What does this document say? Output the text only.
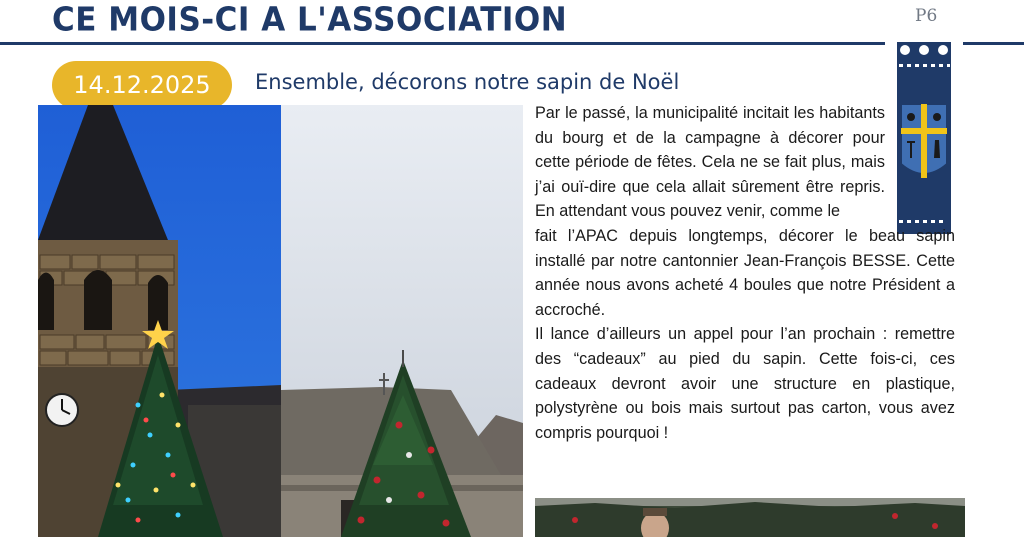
CE MOIS-CI A L'ASSOCIATION	P6
14.12.2025	Ensemble, décorons notre sapin de Noël

Par le passé, la municipalité incitait les habitants du bourg et de la campagne à décorer pour cette période de fêtes. Cela ne se fait plus, mais j’ai ouï-dire que cela allait sûrement être repris. En attendant vous pouvez venir, comme le

fait l’APAC depuis longtemps, décorer le beau sapin installé par notre cantonnier Jean-François BESSE. Cette année nous avons acheté 4 boules que notre Président a accroché.

Il lance d’ailleurs un appel pour l’an prochain : remettre des “cadeaux” au pied du sapin. Cette fois-ci, ces cadeaux devront avoir une structure en plastique, polystyrène ou bois mais surtout pas carton, vous avez compris pourquoi !
